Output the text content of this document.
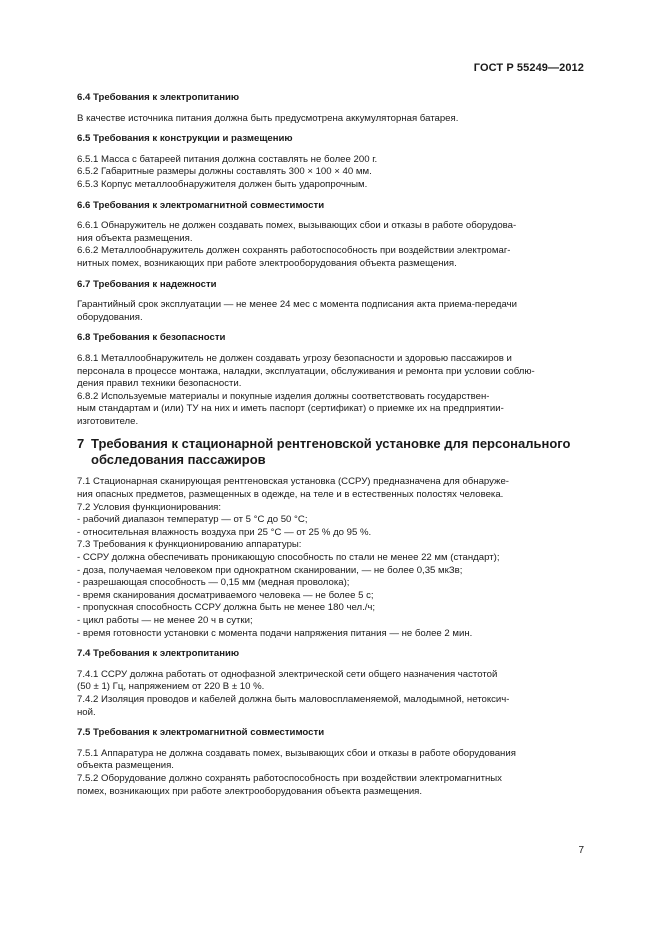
ГОСТ Р 55249—2012

6.4 Требования к электропитанию

В качестве источника питания должна быть предусмотрена аккумуляторная батарея.

6.5 Требования к конструкции и размещению

6.5.1 Масса с батареей питания должна составлять не более 200 г.

6.5.2 Габаритные размеры должны составлять 300 × 100 × 40 мм.

6.5.3 Корпус металлообнаружителя должен быть ударопрочным.

6.6 Требования к электромагнитной совместимости

6.6.1 Обнаружитель не должен создавать помех, вызывающих сбои и отказы в работе оборудова-

ния объекта размещения.

6.6.2 Металлообнаружитель должен сохранять работоспособность при воздействии электромаг-

нитных помех, возникающих при работе электрооборудования объекта размещения.

6.7 Требования к надежности

Гарантийный срок эксплуатации — не менее 24 мес с момента подписания акта приема-передачи

оборудования.

6.8 Требования к безопасности

6.8.1 Металлообнаружитель не должен создавать угрозу безопасности и здоровью пассажиров и

персонала в процессе монтажа, наладки, эксплуатации, обслуживания и ремонта при условии соблю-

дения правил техники безопасности.

6.8.2 Используемые материалы и покупные изделия должны соответствовать государствен-

ным стандартам и (или) ТУ на них и иметь паспорт (сертификат) о приемке их на предприятии-

изготовителе.

7 Требования к стационарной рентгеновской установке для персонального
обследования пассажиров

7.1 Стационарная сканирующая рентгеновская установка (ССРУ) предназначена для обнаруже-

ния опасных предметов, размещенных в одежде, на теле и в естественных полостях человека.

7.2 Условия функционирования:

- рабочий диапазон температур — от 5 °С до 50 °С;

- относительная влажность воздуха при 25 °С — от 25 % до 95 %.

7.3 Требования к функционированию аппаратуры:

- ССРУ должна обеспечивать проникающую способность по стали не менее 22 мм (стандарт);

- доза, получаемая человеком при однократном сканировании, — не более 0,35 мкЗв;

- разрешающая способность — 0,15 мм (медная проволока);

- время сканирования досматриваемого человека — не более 5 с;

- пропускная способность ССРУ должна быть не менее 180 чел./ч;

- цикл работы — не менее 20 ч в сутки;

- время готовности установки с момента подачи напряжения питания — не более 2 мин.

7.4 Требования к электропитанию

7.4.1 ССРУ должна работать от однофазной электрической сети общего назначения частотой

(50 ± 1) Гц, напряжением от 220 В ± 10 %.

7.4.2 Изоляция проводов и кабелей должна быть маловоспламеняемой, малодымной, нетоксич-

ной.

7.5 Требования к электромагнитной совместимости

7.5.1 Аппаратура не должна создавать помех, вызывающих сбои и отказы в работе оборудования

объекта размещения.

7.5.2 Оборудование должно сохранять работоспособность при воздействии электромагнитных

помех, возникающих при работе электрооборудования объекта размещения.

7
